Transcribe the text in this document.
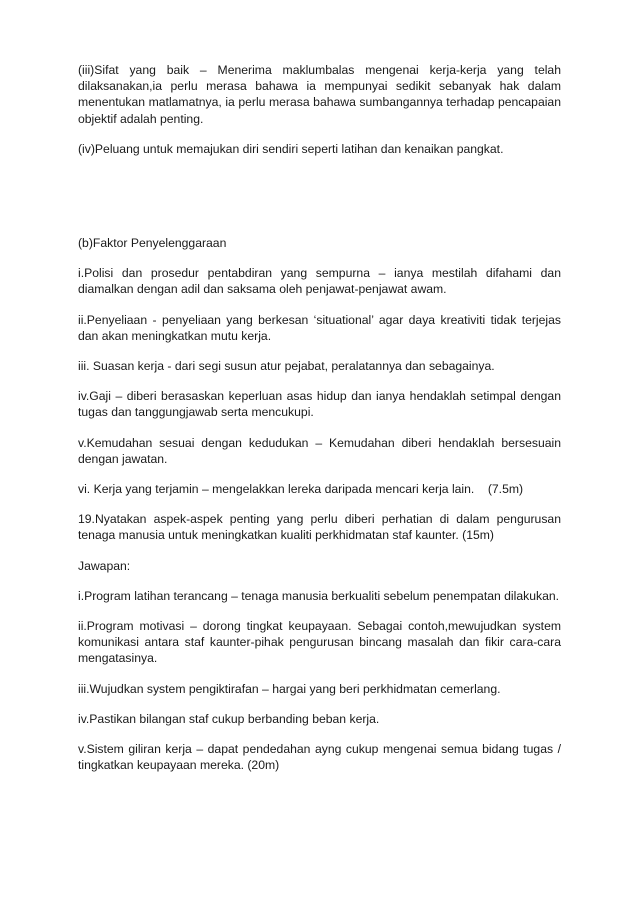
(iii)Sifat yang baik – Menerima maklumbalas mengenai kerja-kerja yang telah dilaksanakan,ia perlu merasa bahawa ia mempunyai sedikit sebanyak hak dalam menentukan matlamatnya, ia perlu merasa bahawa sumbangannya terhadap pencapaian objektif adalah penting.

(iv)Peluang untuk memajukan diri sendiri seperti latihan dan kenaikan pangkat.

(b)Faktor Penyelenggaraan

i.Polisi dan prosedur pentabdiran yang sempurna – ianya mestilah difahami dan diamalkan dengan adil dan saksama oleh penjawat-penjawat awam.

ii.Penyeliaan - penyeliaan yang berkesan ‘situational’ agar daya kreativiti tidak terjejas dan akan meningkatkan mutu kerja.

iii. Suasan kerja - dari segi susun atur pejabat, peralatannya dan sebagainya.

iv.Gaji – diberi berasaskan keperluan asas hidup dan ianya hendaklah setimpal dengan tugas dan tanggungjawab serta mencukupi.

v.Kemudahan sesuai dengan kedudukan – Kemudahan diberi hendaklah bersesuain dengan jawatan.

vi. Kerja yang terjamin – mengelakkan lereka daripada mencari kerja lain. (7.5m)

19.Nyatakan aspek-aspek penting yang perlu diberi perhatian di dalam pengurusan tenaga manusia untuk meningkatkan kualiti perkhidmatan staf kaunter. (15m)

Jawapan:

i.Program latihan terancang – tenaga manusia berkualiti sebelum penempatan dilakukan.

ii.Program motivasi – dorong tingkat keupayaan. Sebagai contoh,mewujudkan system komunikasi antara staf kaunter-pihak pengurusan bincang masalah dan fikir cara-cara mengatasinya.

iii.Wujudkan system pengiktirafan – hargai yang beri perkhidmatan cemerlang.

iv.Pastikan bilangan staf cukup berbanding beban kerja.

v.Sistem giliran kerja – dapat pendedahan ayng cukup mengenai semua bidang tugas / tingkatkan keupayaan mereka. (20m)
